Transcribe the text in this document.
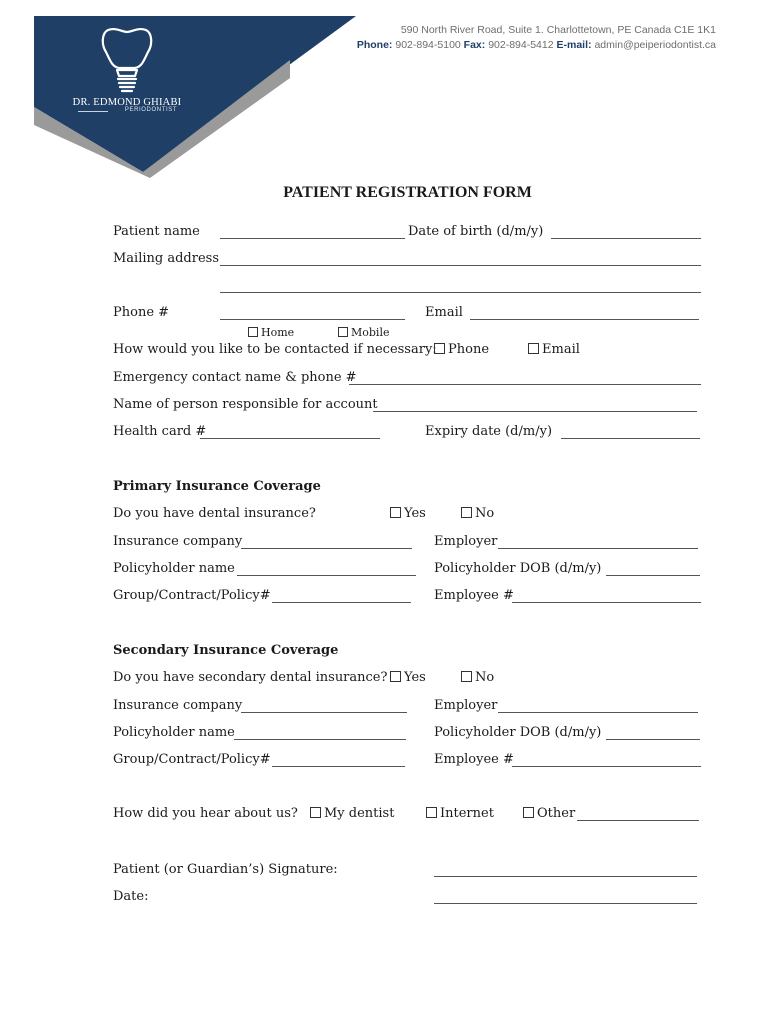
DR. EDMOND GHIABI
PERIODONTIST
590 North River Road, Suite 1. Charlottetown, PE Canada C1E 1K1
Phone: 902-894-5100 Fax: 902-894-5412 E-mail: admin@peiperiodontist.ca
PATIENT REGISTRATION FORM
Patient name	Date of birth (d/m/y)
Mailing address
Phone #	Email
Home	Mobile
How would you like to be contacted if necessary: Phone	Email
Emergency contact name & phone #
Name of person responsible for account
Health card #	Expiry date (d/m/y)
Primary Insurance Coverage
Do you have dental insurance?	Yes	No
Insurance company	Employer
Policyholder name	Policyholder DOB (d/m/y)
Group/Contract/Policy#	Employee #
Secondary Insurance Coverage
Do you have secondary dental insurance?	Yes	No
Insurance company	Employer
Policyholder name	Policyholder DOB (d/m/y)
Group/Contract/Policy#	Employee #
How did you hear about us?	My dentist	Internet	Other
Patient (or Guardian’s) Signature:
Date:
